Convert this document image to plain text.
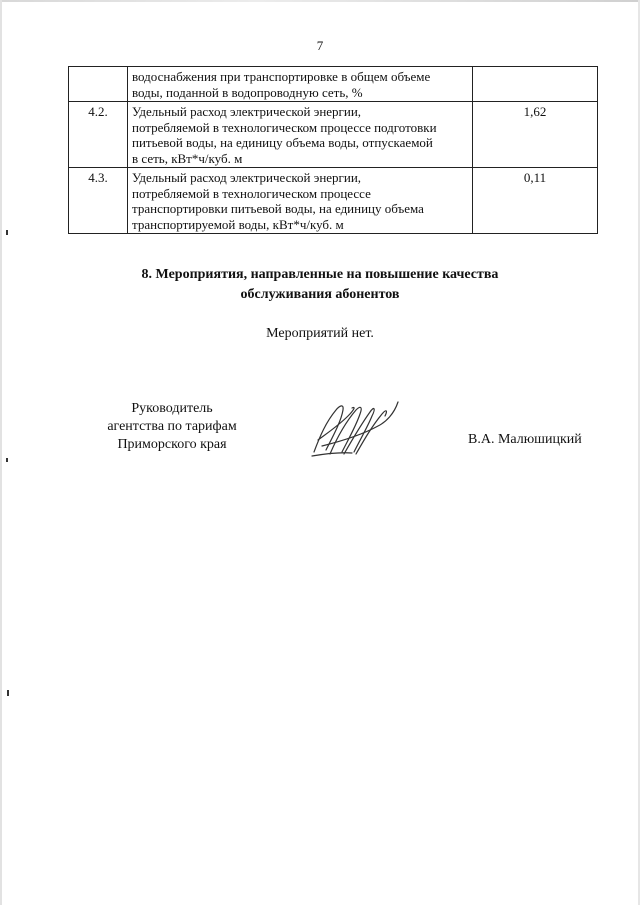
7

	водоснабжения при транспортировке в общем объеме
воды, поданной в водопроводную сеть, %	

4.2.	Удельный расход электрической энергии,
потребляемой в технологическом процессе подготовки
питьевой воды, на единицу объема воды, отпускаемой
в сеть, кВт*ч/куб. м	1,62
4.3.	Удельный расход электрической энергии,
потребляемой в технологическом процессе
транспортировки питьевой воды, на единицу объема
транспортируемой воды, кВт*ч/куб. м	0,11
8. Мероприятия, направленные на повышение качества
обслуживания абонентов
Мероприятий нет.
Руководитель
агентства по тарифам
Приморского края	В.А. Малюшицкий
